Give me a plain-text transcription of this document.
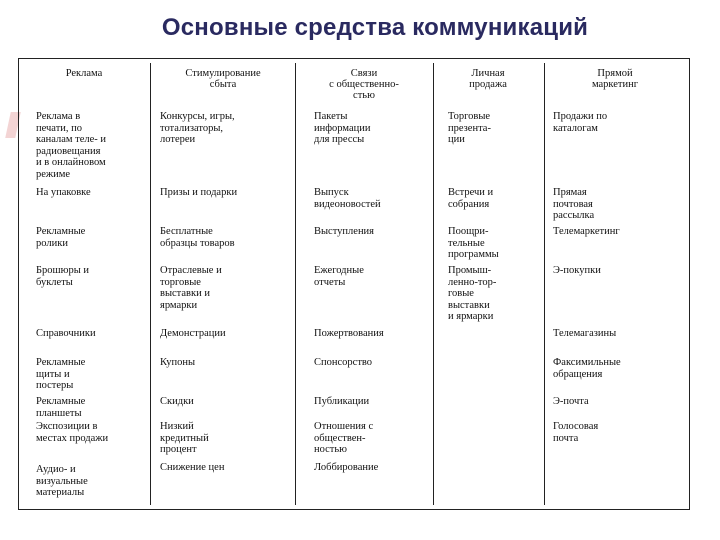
Основные средства коммуникаций
Реклама	Стимулирование
сбыта
Связи
с общественно-
стью
Личная
продажа
Прямой
маркетинг
Реклама в
печати, по
каналам теле- и
радиовещания
и в онлайновом
режиме
На упаковке
Рекламные
ролики
Брошюры и
буклеты
Справочники
Рекламные
щиты и
постеры
Рекламные
планшеты
Экспозиции в
местах продажи
Аудио- и
визуальные
материалы
Конкурсы, игры,
тотализаторы,
лотереи
Призы и подарки
Бесплатные
образцы товаров
Отраслевые и
торговые
выставки и
ярмарки
Демонстрации
Купоны
Скидки
Низкий
кредитный
процент
Снижение цен
Пакеты
информации
для прессы
Выпуск
видеоновостей
Выступления
Ежегодные
отчеты
Пожертвования
Спонсорство
Публикации
Отношения с
обществен-
ностью
Лоббирование
Торговые
презента-
ции
Встречи и
собрания
Поощри-
тельные
программы
Промыш-
ленно-тор-
говые
выставки
и ярмарки
Продажи по
каталогам
Прямая
почтовая
рассылка
Телемаркетинг
Э-покупки
Телемагазины
Факсимильные
обращения
Э-почта
Голосовая
почта
